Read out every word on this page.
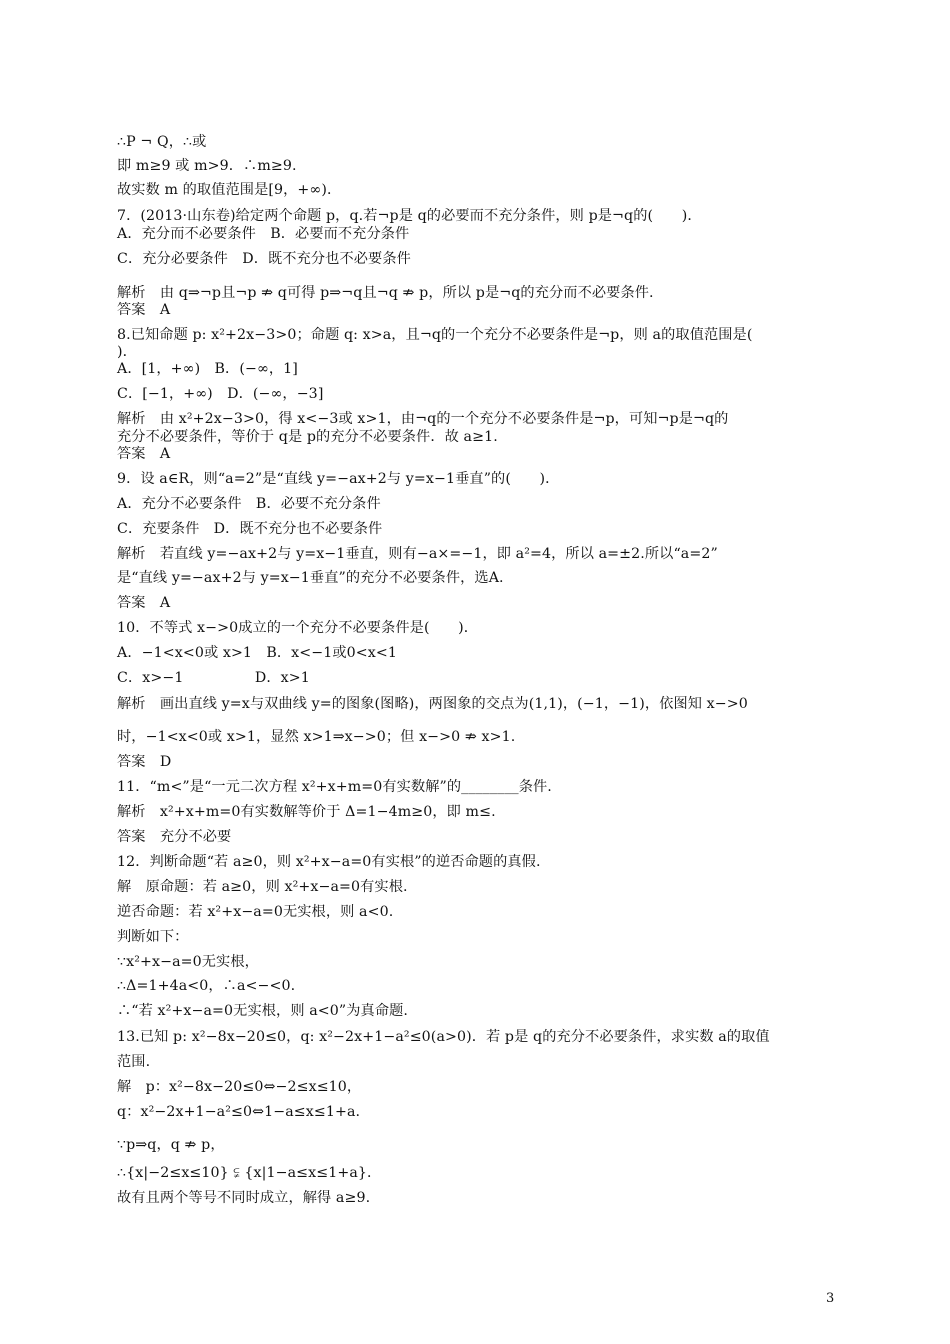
∴P ¬ Q，∴或
即 m≥9 或 m>9．∴m≥9.
故实数 m 的取值范围是[9，+∞)．
7．(2013·山东卷)给定两个命题 p，q.若¬p是 q的必要而不充分条件，则 p是¬q的(　　)．
A．充分而不必要条件　B．必要而不充分条件
C．充分必要条件　D．既不充分也不必要条件
解析　由 q⇒¬p且¬p ⇏ q可得 p⇒¬q且¬q ⇏ p，所以 p是¬q的充分而不必要条件.
答案　A
8.已知命题 p: x²+2x−3>0；命题 q: x>a，且¬q的一个充分不必要条件是¬p，则 a的取值范围是(
)．
A．[1，+∞)　B．(−∞，1]
C．[−1，+∞)　D．(−∞，−3]
解析　由 x²+2x−3>0，得 x<−3或 x>1，由¬q的一个充分不必要条件是¬p，可知¬p是¬q的
充分不必要条件，等价于 q是 p的充分不必要条件．故 a≥1.
答案　A
9．设 a∈R，则“a=2”是“直线 y=−ax+2与 y=x−1垂直”的(　　)．
A．充分不必要条件　B．必要不充分条件
C．充要条件　D．既不充分也不必要条件
解析　若直线 y=−ax+2与 y=x−1垂直，则有−a×=−1，即 a²=4，所以 a=±2.所以“a=2”
是“直线 y=−ax+2与 y=x−1垂直”的充分不必要条件，选A.
答案　A
10．不等式 x−>0成立的一个充分不必要条件是(　　)．
A．−1<x<0或 x>1　B．x<−1或0<x<1
C．x>−1　　　　　D．x>1
解析　画出直线 y=x与双曲线 y=的图象(图略)，两图象的交点为(1,1)，(−1，−1)，依图知 x−>0
时，−1<x<0或 x>1，显然 x>1⇒x−>0；但 x−>0 ⇏ x>1.
答案　D
11．“m<”是“一元二次方程 x²+x+m=0有实数解”的________条件.
解析　x²+x+m=0有实数解等价于 Δ=1−4m≥0，即 m≤.
答案　充分不必要
12．判断命题“若 a≥0，则 x²+x−a=0有实根”的逆否命题的真假.
解　原命题：若 a≥0，则 x²+x−a=0有实根.
逆否命题：若 x²+x−a=0无实根，则 a<0.
判断如下：
∵x²+x−a=0无实根，
∴Δ=1+4a<0，∴a<−<0.
∴“若 x²+x−a=0无实根，则 a<0”为真命题.
13.已知 p: x²−8x−20≤0，q: x²−2x+1−a²≤0(a>0)．若 p是 q的充分不必要条件，求实数 a的取值
范围.
解　p：x²−8x−20≤0⇔−2≤x≤10，
q：x²−2x+1−a²≤0⇔1−a≤x≤1+a.
∵p⇒q，q ⇏ p，
∴{x|−2≤x≤10} ⫋ {x|1−a≤x≤1+a}．
故有且两个等号不同时成立，解得 a≥9.
3
